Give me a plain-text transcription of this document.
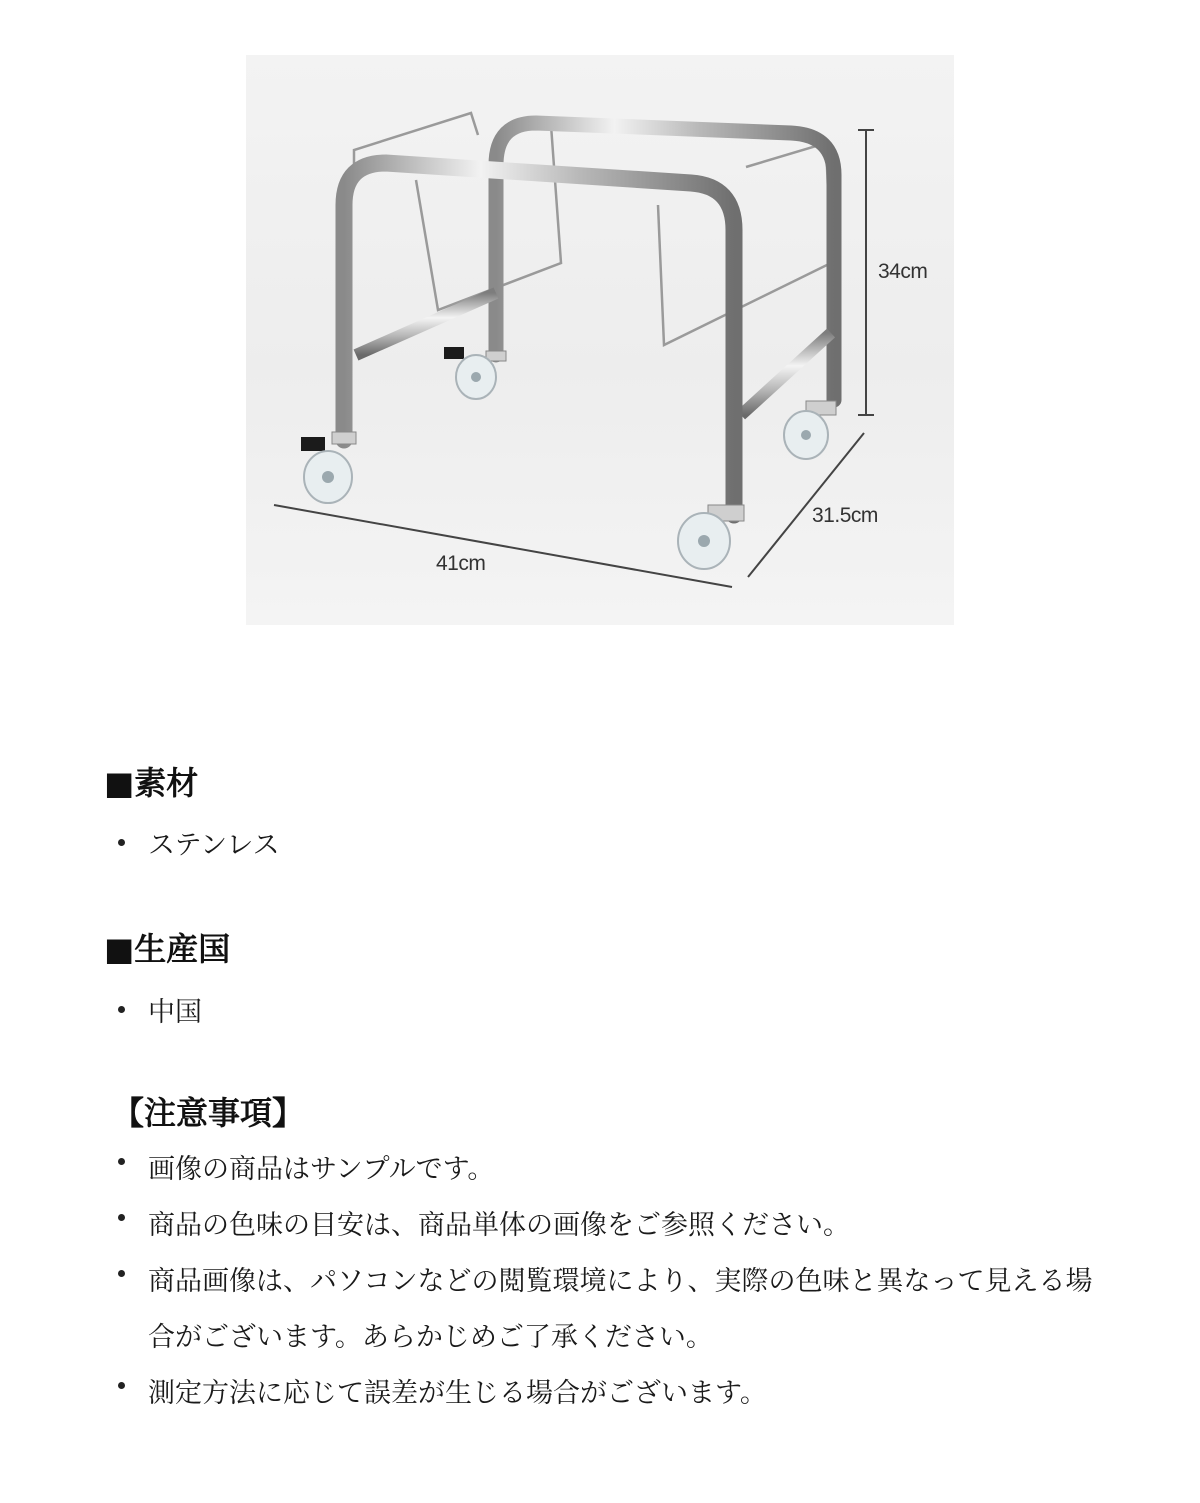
34cm
41cm
31.5cm
■素材
ステンレス
■生産国
中国
【注意事項】
画像の商品はサンプルです。
商品の色味の目安は、商品単体の画像をご参照ください。
商品画像は、パソコンなどの閲覧環境により、実際の色味と異なって見える場合がございます。あらかじめご了承ください。
測定方法に応じて誤差が生じる場合がございます。
